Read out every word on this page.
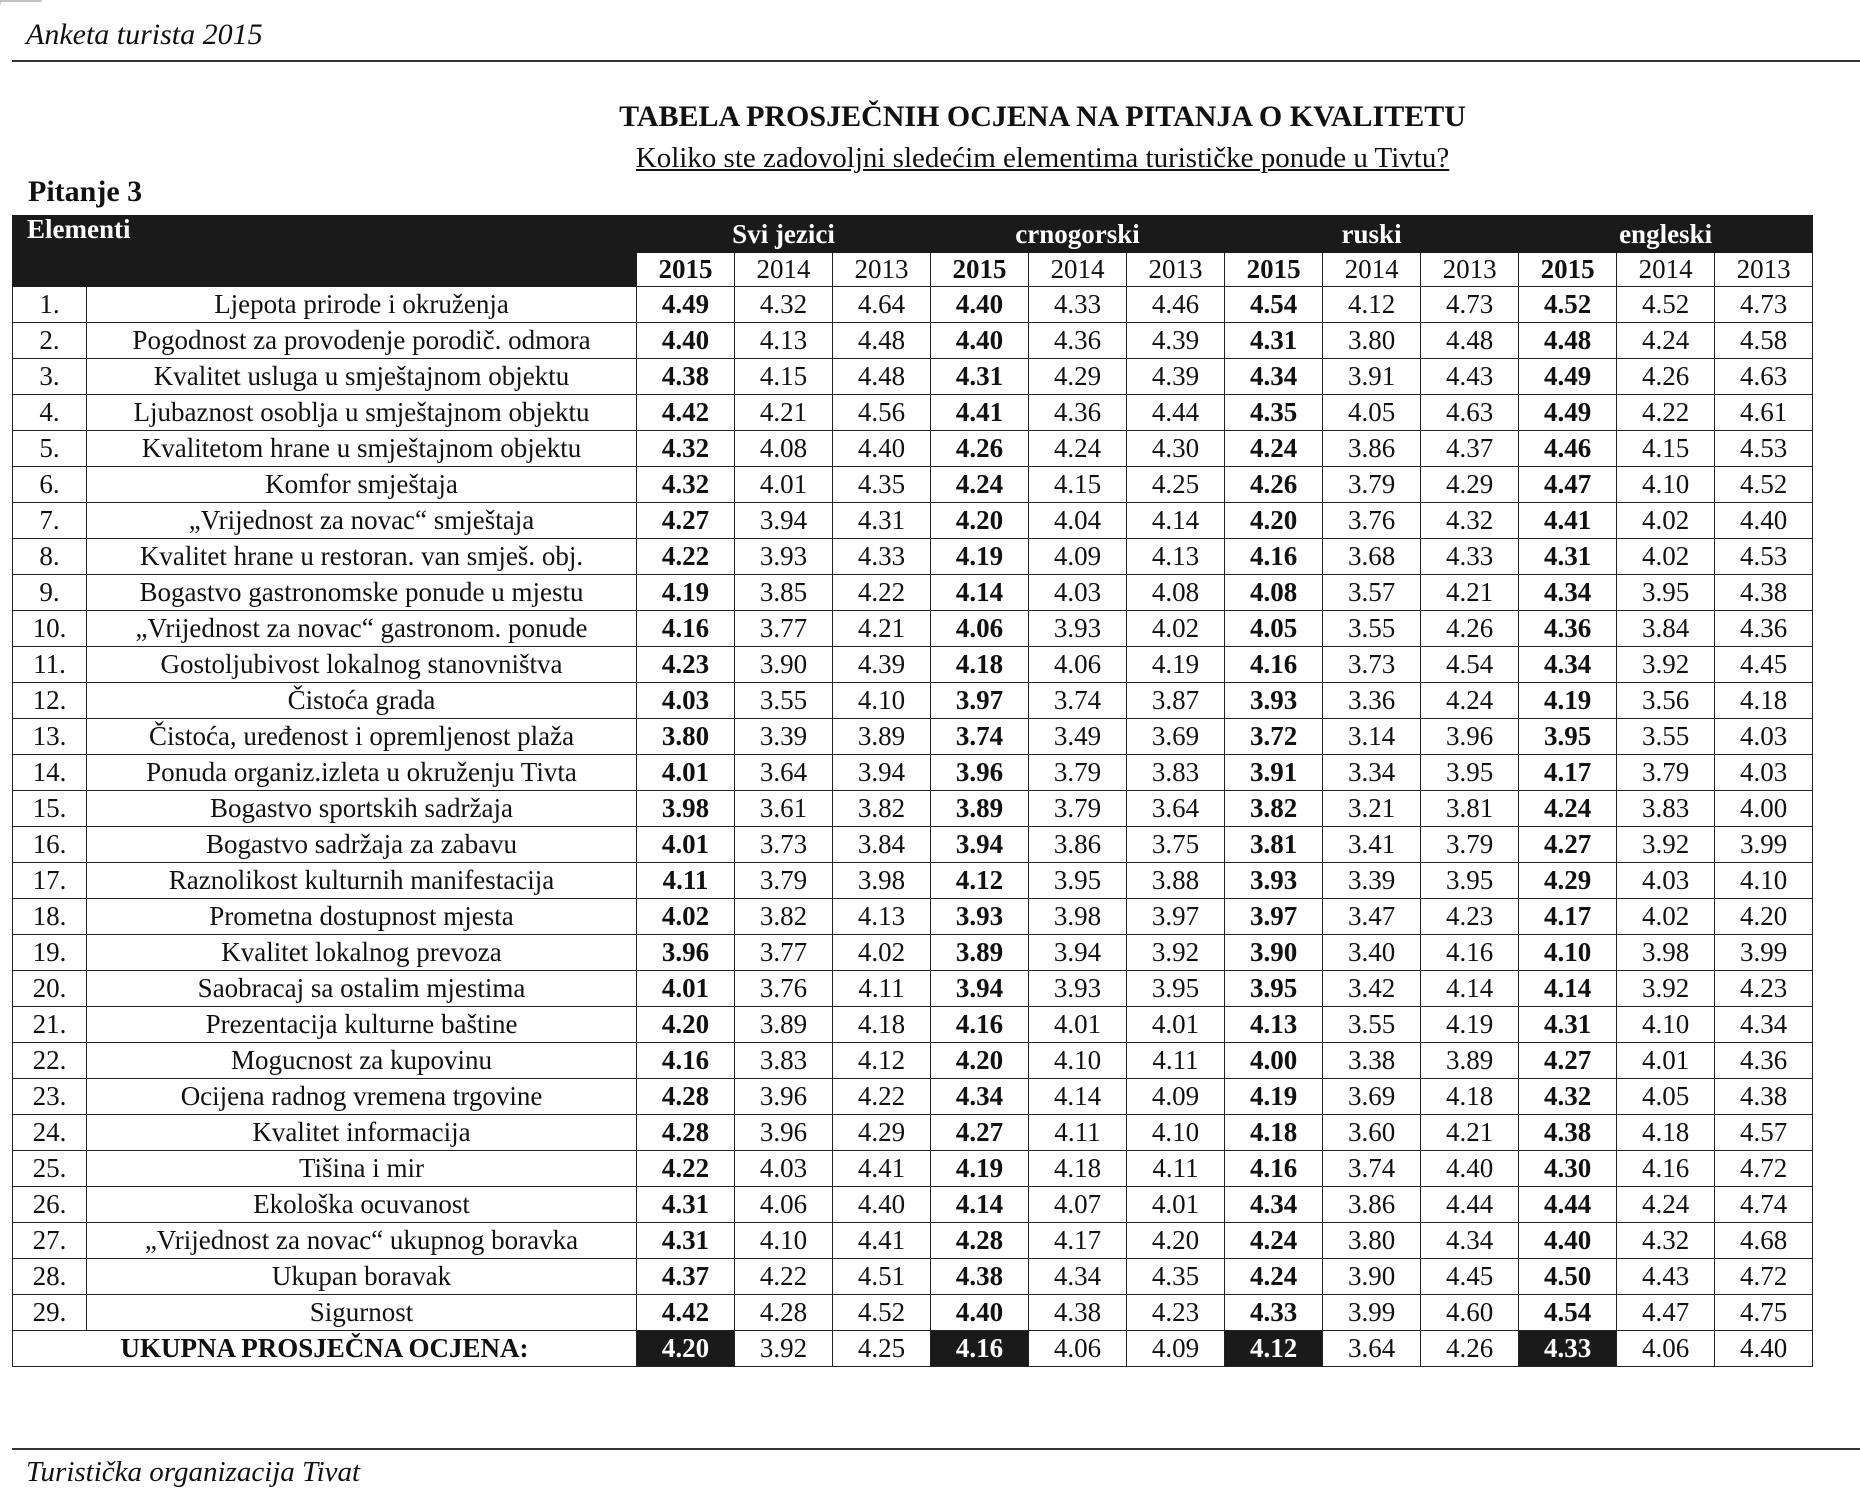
Anketa turista 2015
TABELA PROSJEČNIH OCJENA NA PITANJA O KVALITETU
Koliko ste zadovoljni sledećim elementima turističke ponude u Tivtu?
Pitanje 3
Elementi		Svi jezici			crnogorski			ruski			engleski		
		2015	2014	2013	2015	2014	2013	2015	2014	2013	2015	2014	2013
1.	Ljepota prirode i okruženja	4.49	4.32	4.64	4.40	4.33	4.46	4.54	4.12	4.73	4.52	4.52	4.73
2.	Pogodnost za provodenje porodič. odmora	4.40	4.13	4.48	4.40	4.36	4.39	4.31	3.80	4.48	4.48	4.24	4.58
3.	Kvalitet usluga u smještajnom objektu	4.38	4.15	4.48	4.31	4.29	4.39	4.34	3.91	4.43	4.49	4.26	4.63
4.	Ljubaznost osoblja u smještajnom objektu	4.42	4.21	4.56	4.41	4.36	4.44	4.35	4.05	4.63	4.49	4.22	4.61
5.	Kvalitetom hrane u smještajnom objektu	4.32	4.08	4.40	4.26	4.24	4.30	4.24	3.86	4.37	4.46	4.15	4.53
6.	Komfor smještaja	4.32	4.01	4.35	4.24	4.15	4.25	4.26	3.79	4.29	4.47	4.10	4.52
7.	„Vrijednost za novac“ smještaja	4.27	3.94	4.31	4.20	4.04	4.14	4.20	3.76	4.32	4.41	4.02	4.40
8.	Kvalitet hrane u restoran. van smješ. obj.	4.22	3.93	4.33	4.19	4.09	4.13	4.16	3.68	4.33	4.31	4.02	4.53
9.	Bogastvo gastronomske ponude u mjestu	4.19	3.85	4.22	4.14	4.03	4.08	4.08	3.57	4.21	4.34	3.95	4.38
10.	„Vrijednost za novac“ gastronom. ponude	4.16	3.77	4.21	4.06	3.93	4.02	4.05	3.55	4.26	4.36	3.84	4.36
11.	Gostoljubivost lokalnog stanovništva	4.23	3.90	4.39	4.18	4.06	4.19	4.16	3.73	4.54	4.34	3.92	4.45
12.	Čistoća grada	4.03	3.55	4.10	3.97	3.74	3.87	3.93	3.36	4.24	4.19	3.56	4.18
13.	Čistoća, uređenost i opremljenost plaža	3.80	3.39	3.89	3.74	3.49	3.69	3.72	3.14	3.96	3.95	3.55	4.03
14.	Ponuda organiz.izleta u okruženju Tivta	4.01	3.64	3.94	3.96	3.79	3.83	3.91	3.34	3.95	4.17	3.79	4.03
15.	Bogastvo sportskih sadržaja	3.98	3.61	3.82	3.89	3.79	3.64	3.82	3.21	3.81	4.24	3.83	4.00
16.	Bogastvo sadržaja za zabavu	4.01	3.73	3.84	3.94	3.86	3.75	3.81	3.41	3.79	4.27	3.92	3.99
17.	Raznolikost kulturnih manifestacija	4.11	3.79	3.98	4.12	3.95	3.88	3.93	3.39	3.95	4.29	4.03	4.10
18.	Prometna dostupnost mjesta	4.02	3.82	4.13	3.93	3.98	3.97	3.97	3.47	4.23	4.17	4.02	4.20
19.	Kvalitet lokalnog prevoza	3.96	3.77	4.02	3.89	3.94	3.92	3.90	3.40	4.16	4.10	3.98	3.99
20.	Saobracaj sa ostalim mjestima	4.01	3.76	4.11	3.94	3.93	3.95	3.95	3.42	4.14	4.14	3.92	4.23
21.	Prezentacija kulturne baštine	4.20	3.89	4.18	4.16	4.01	4.01	4.13	3.55	4.19	4.31	4.10	4.34
22.	Mogucnost za kupovinu	4.16	3.83	4.12	4.20	4.10	4.11	4.00	3.38	3.89	4.27	4.01	4.36
23.	Ocijena radnog vremena trgovine	4.28	3.96	4.22	4.34	4.14	4.09	4.19	3.69	4.18	4.32	4.05	4.38
24.	Kvalitet informacija	4.28	3.96	4.29	4.27	4.11	4.10	4.18	3.60	4.21	4.38	4.18	4.57
25.	Tišina i mir	4.22	4.03	4.41	4.19	4.18	4.11	4.16	3.74	4.40	4.30	4.16	4.72
26.	Ekološka ocuvanost	4.31	4.06	4.40	4.14	4.07	4.01	4.34	3.86	4.44	4.44	4.24	4.74
27.	„Vrijednost za novac“ ukupnog boravka	4.31	4.10	4.41	4.28	4.17	4.20	4.24	3.80	4.34	4.40	4.32	4.68
28.	Ukupan boravak	4.37	4.22	4.51	4.38	4.34	4.35	4.24	3.90	4.45	4.50	4.43	4.72
29.	Sigurnost	4.42	4.28	4.52	4.40	4.38	4.23	4.33	3.99	4.60	4.54	4.47	4.75
UKUPNA PROSJEČNA OCJENA:		4.20	3.92	4.25	4.16	4.06	4.09	4.12	3.64	4.26	4.33	4.06	4.40
Turistička organizacija Tivat
